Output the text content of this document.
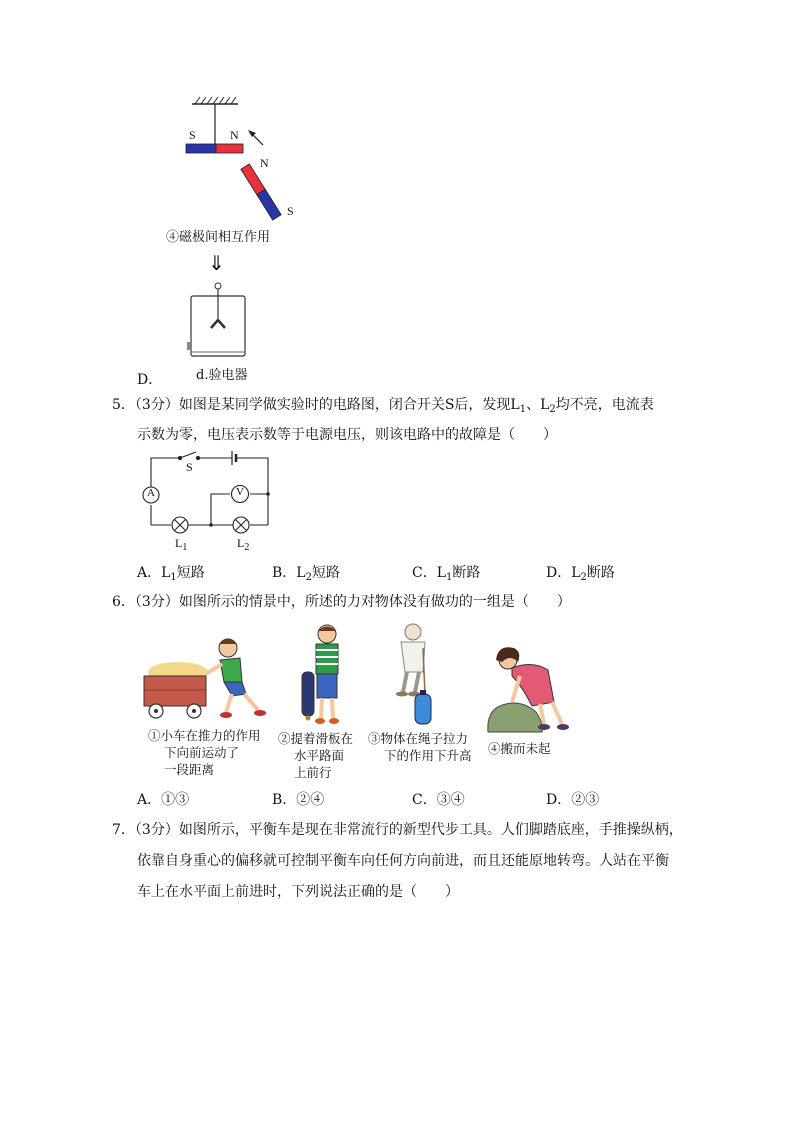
S	N
N
S
④磁极间相互作用
⇓
d.验电器
D．
5．（3分）如图是某同学做实验时的电路图，闭合开关S后，发现$L_1$、$L_2$均不亮，电流表
示数为零，电压表示数等于电源电压，则该电路中的故障是（　　）
S
A	V
$L_1$	$L_2$
A．$L_1$短路	B．$L_2$短路	C．$L_1$断路	D．$L_2$断路
6．（3分）如图所示的情景中，所述的力对物体没有做功的一组是（　　）
①小车在推力的作用
下向前运动了
一段距离
②提着滑板在
水平路面
上前行
③物体在绳子拉力
下的作用下升高 ④搬而未起
A．①③	B．②④	C．③④	D．②③
7．（3分）如图所示，平衡车是现在非常流行的新型代步工具。人们脚踏底座，手推操纵柄，
依靠自身重心的偏移就可控制平衡车向任何方向前进，而且还能原地转弯。人站在平衡
车上在水平面上前进时，下列说法正确的是（　　）
